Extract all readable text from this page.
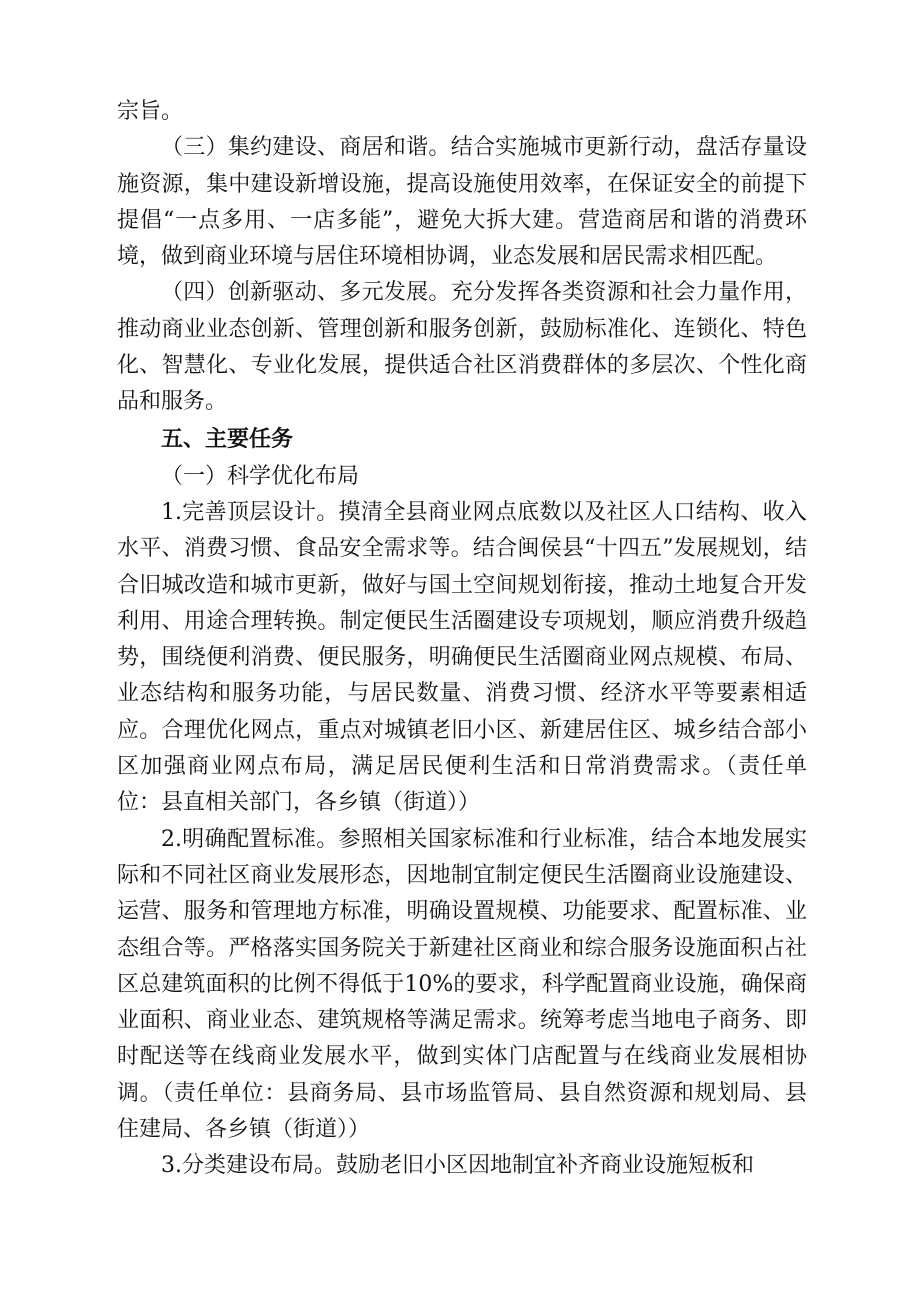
宗旨。

（三）集约建设、商居和谐。结合实施城市更新行动，盘活存量设施资源，集中建设新增设施，提高设施使用效率，在保证安全的前提下提倡“一点多用、一店多能”，避免大拆大建。营造商居和谐的消费环境，做到商业环境与居住环境相协调，业态发展和居民需求相匹配。

（四）创新驱动、多元发展。充分发挥各类资源和社会力量作用，推动商业业态创新、管理创新和服务创新，鼓励标准化、连锁化、特色化、智慧化、专业化发展，提供适合社区消费群体的多层次、个性化商品和服务。

五、主要任务

（一）科学优化布局

1.完善顶层设计。摸清全县商业网点底数以及社区人口结构、收入水平、消费习惯、食品安全需求等。结合闽侯县“十四五”发展规划，结合旧城改造和城市更新，做好与国土空间规划衔接，推动土地复合开发利用、用途合理转换。制定便民生活圈建设专项规划，顺应消费升级趋势，围绕便利消费、便民服务，明确便民生活圈商业网点规模、布局、业态结构和服务功能，与居民数量、消费习惯、经济水平等要素相适应。合理优化网点，重点对城镇老旧小区、新建居住区、城乡结合部小区加强商业网点布局，满足居民便利生活和日常消费需求。（责任单位：县直相关部门，各乡镇（街道））

2.明确配置标准。参照相关国家标准和行业标准，结合本地发展实际和不同社区商业发展形态，因地制宜制定便民生活圈商业设施建设、运营、服务和管理地方标准，明确设置规模、功能要求、配置标准、业态组合等。严格落实国务院关于新建社区商业和综合服务设施面积占社区总建筑面积的比例不得低于10%的要求，科学配置商业设施，确保商业面积、商业业态、建筑规格等满足需求。统筹考虑当地电子商务、即时配送等在线商业发展水平，做到实体门店配置与在线商业发展相协调。（责任单位：县商务局、县市场监管局、县自然资源和规划局、县住建局、各乡镇（街道））

3.分类建设布局。鼓励老旧小区因地制宜补齐商业设施短板和
